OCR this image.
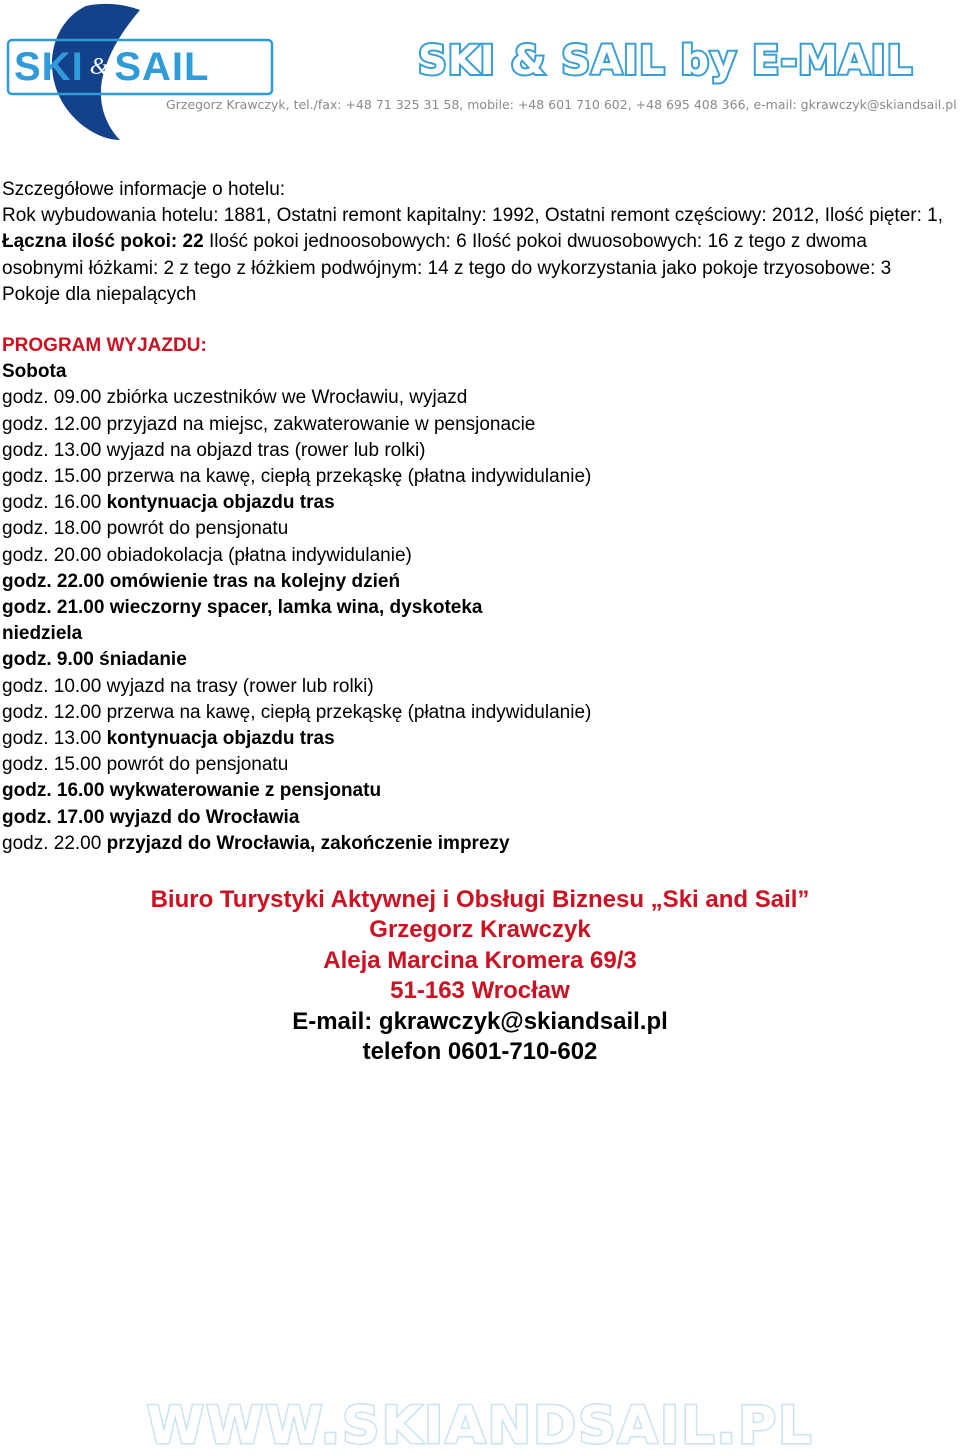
SKI & SAIL	SKI & SAIL by E-MAIL
Grzegorz Krawczyk, tel./fax: +48 71 325 31 58, mobile: +48 601 710 602, +48 695 408 366, e-mail: gkrawczyk@skiandsail.pl

Szczegółowe informacje o hotelu:
Rok wybudowania hotelu: 1881, Ostatni remont kapitalny: 1992, Ostatni remont częściowy: 2012, Ilość pięter: 1, Łączna ilość pokoi: 22 Ilość pokoi jednoosobowych: 6 Ilość pokoi dwuosobowych: 16 z tego z dwoma osobnymi łóżkami: 2 z tego z łóżkiem podwójnym: 14 z tego do wykorzystania jako pokoje trzyosobowe: 3 Pokoje dla niepalących

PROGRAM WYJAZDU:

Sobota

godz. 09.00 zbiórka uczestników we Wrocławiu, wyjazd

godz. 12.00 przyjazd na miejsc, zakwaterowanie w pensjonacie

godz. 13.00 wyjazd na objazd tras (rower lub rolki)

godz. 15.00 przerwa na kawę, ciepłą przekąskę (płatna indywidulanie)

godz. 16.00 kontynuacja objazdu tras

godz. 18.00 powrót do pensjonatu

godz. 20.00 obiadokolacja (płatna indywidulanie)

godz. 22.00 omówienie tras na kolejny dzień

godz. 21.00 wieczorny spacer, lamka wina, dyskoteka

niedziela

godz. 9.00 śniadanie

godz. 10.00 wyjazd na trasy (rower lub rolki)

godz. 12.00 przerwa na kawę, ciepłą przekąskę (płatna indywidulanie)

godz. 13.00 kontynuacja objazdu tras

godz. 15.00 powrót do pensjonatu

godz. 16.00 wykwaterowanie z pensjonatu

godz. 17.00 wyjazd do Wrocławia

godz. 22.00 przyjazd do Wrocławia, zakończenie imprezy

Biuro Turystyki Aktywnej i Obsługi Biznesu „Ski and Sail”
Grzegorz Krawczyk
Aleja Marcina Kromera 69/3
51-163 Wrocław
E-mail: gkrawczyk@skiandsail.pl
telefon 0601-710-602
WWW.SKIANDSAIL.PL
